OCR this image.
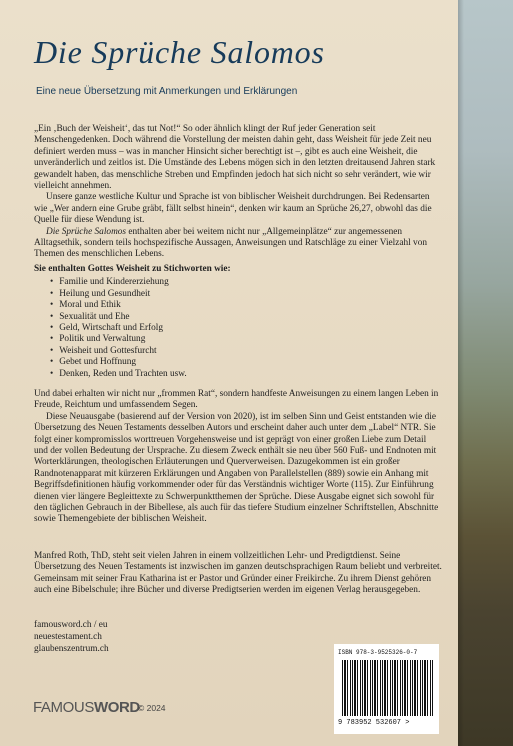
Die Sprüche Salomos
Eine neue Übersetzung mit Anmerkungen und Erklärungen

„Ein ‚Buch der Weisheit‘, das tut Not!“ So oder ähnlich klingt der Ruf jeder Generation seit Menschengedenken. Doch während die Vorstellung der meisten dahin geht, dass Weisheit für jede Zeit neu definiert werden muss – was in mancher Hinsicht sicher berechtigt ist –, gibt es auch eine Weisheit, die unveränderlich und zeitlos ist. Die Umstände des Lebens mögen sich in den letzten dreitausend Jahren stark gewandelt haben, das menschliche Streben und Empfinden jedoch hat sich nicht so sehr verändert, wie wir vielleicht annehmen.

Unsere ganze westliche Kultur und Sprache ist von biblischer Weisheit durchdrungen. Bei Redensarten wie „Wer andern eine Grube gräbt, fällt selbst hinein“, denken wir kaum an Sprüche 26,27, obwohl das die Quelle für diese Wendung ist.

Die Sprüche Salomos enthalten aber bei weitem nicht nur „Allgemeinplätze“ zur angemessenen Alltagsethik, sondern teils hochspezifische Aussagen, Anweisungen und Ratschläge zu einer Vielzahl von Themen des menschlichen Lebens.

Sie enthalten Gottes Weisheit zu Stichworten wie:

• Familie und Kindererziehung
• Heilung und Gesundheit
• Moral und Ethik
• Sexualität und Ehe
• Geld, Wirtschaft und Erfolg
• Politik und Verwaltung
• Weisheit und Gottesfurcht
• Gebet und Hoffnung
• Denken, Reden und Trachten usw.

Und dabei erhalten wir nicht nur „frommen Rat“, sondern handfeste Anweisungen zu einem langen Leben in Freude, Reichtum und umfassendem Segen.

Diese Neuausgabe (basierend auf der Version von 2020), ist im selben Sinn und Geist entstanden wie die Übersetzung des Neuen Testaments desselben Autors und erscheint daher auch unter dem „Label“ NTR. Sie folgt einer kompromisslos worttreuen Vorgehensweise und ist geprägt von einer großen Liebe zum Detail und der vollen Bedeutung der Ursprache. Zu diesem Zweck enthält sie neu über 560 Fuß- und Endnoten mit Worterklärungen, theologischen Erläuterungen und Querverweisen. Dazugekommen ist ein großer Randnotenapparat mit kürzeren Erklärungen und Angaben von Parallelstellen (889) sowie ein Anhang mit Begriffsdefinitionen häufig vorkommender oder für das Verständnis wichtiger Worte (115). Zur Einführung dienen vier längere Begleittexte zu Schwerpunktthemen der Sprüche. Diese Ausgabe eignet sich sowohl für den täglichen Gebrauch in der Bibellese, als auch für das tiefere Studium einzelner Schriftstellen, Abschnitte sowie Themengebiete der biblischen Weisheit.

Manfred Roth, ThD, steht seit vielen Jahren in einem vollzeitlichen Lehr- und Predigtdienst. Seine Übersetzung des Neuen Testaments ist inzwischen im ganzen deutschsprachigen Raum beliebt und verbreitet. Gemeinsam mit seiner Frau Katharina ist er Pastor und Gründer einer Freikirche. Zu ihrem Dienst gehören auch eine Bibelschule; ihre Bücher und diverse Predigtserien werden im eigenen Verlag herausgegeben.

famousword.ch / eu
neuestestament.ch
glaubenszentrum.ch
FAMOUSWORD
© 2024
ISBN 978-3-9525326-0-7
9 783952 532607 >
